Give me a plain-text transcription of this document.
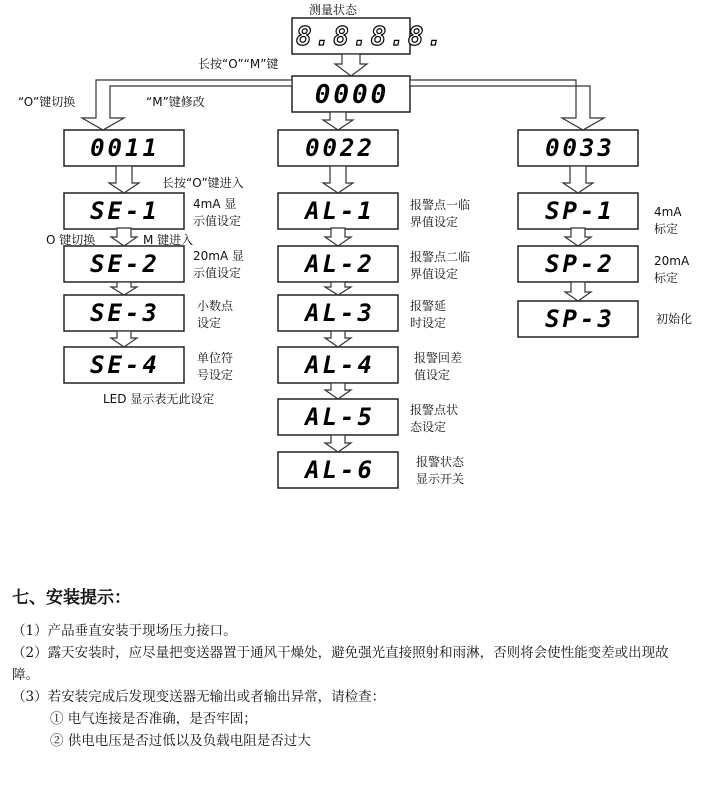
测量状态
8.8.8.8.
长按“O”“M”键
0000
“O”键切换	“M”键修改
0011	0022	0033
长按“O”键进入
O 键切换	M 键进入
SE-1	4mA 显
示值设定
SE-2	20mA 显
示值设定
SE-3	小数点
设定
SE-4	单位符
号设定
LED 显示表无此设定
AL-1	报警点一临
界值设定
AL-2	报警点二临
界值设定
AL-3	报警延
时设定
AL-4	报警回差
值设定
AL-5	报警点状
态设定
AL-6	报警状态
显示开关
SP-1	4mA
标定
SP-2	20mA
标定
SP-3	初始化
七、安装提示：

（1）产品垂直安装于现场压力接口。

（2）露天安装时，应尽量把变送器置于通风干燥处，避免强光直接照射和雨淋，否则将会使性能变差或出现故障。

（3）若安装完成后发现变送器无输出或者输出异常，请检查：

① 电气连接是否准确，是否牢固；

② 供电电压是否过低以及负载电阻是否过大
